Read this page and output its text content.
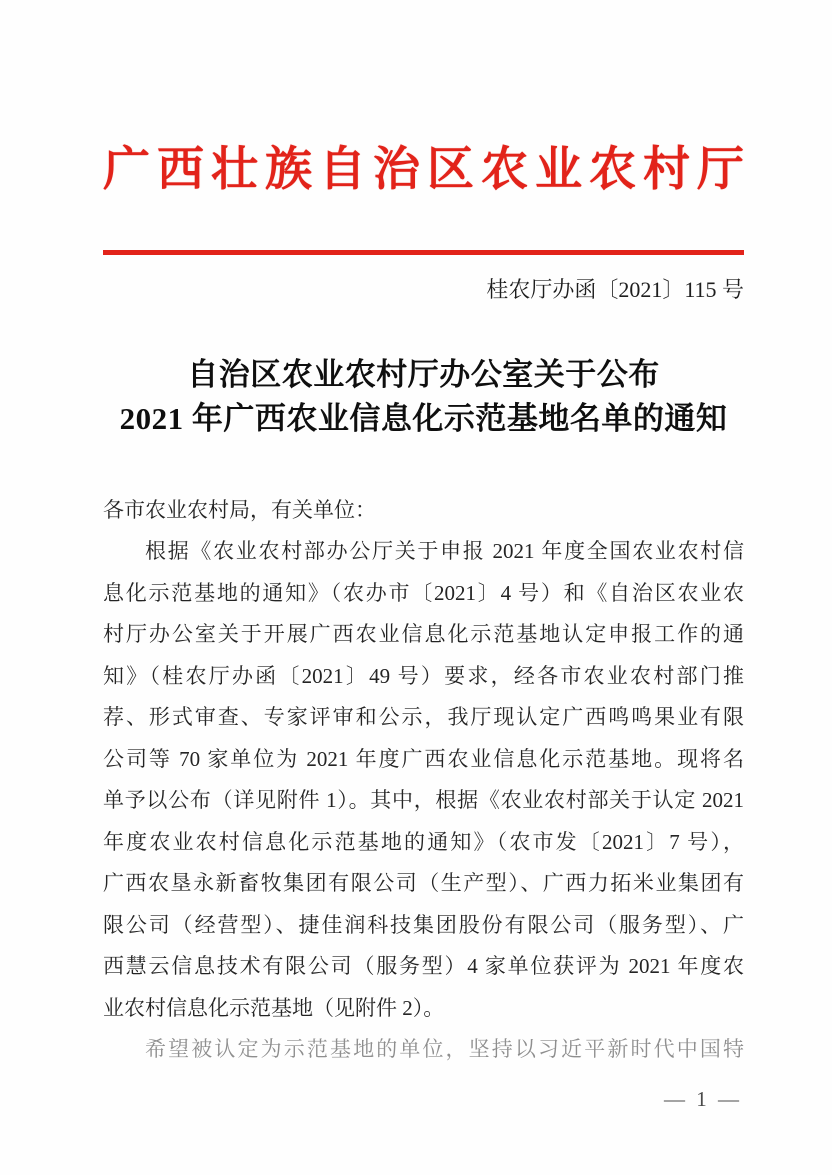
广西壮族自治区农业农村厅
桂农厅办函〔2021〕115 号
自治区农业农村厅办公室关于公布
2021 年广西农业信息化示范基地名单的通知
各市农业农村局，有关单位：
根据《农业农村部办公厅关于申报 2021 年度全国农业农村信
息化示范基地的通知》（农办市〔2021〕4 号）和《自治区农业农
村厅办公室关于开展广西农业信息化示范基地认定申报工作的通
知》（桂农厅办函〔2021〕49 号）要求，经各市农业农村部门推
荐、形式审查、专家评审和公示，我厅现认定广西鸣鸣果业有限
公司等 70 家单位为 2021 年度广西农业信息化示范基地。现将名
单予以公布（详见附件 1）。其中，根据《农业农村部关于认定 2021
年度农业农村信息化示范基地的通知》（农市发〔2021〕7 号），
广西农垦永新畜牧集团有限公司（生产型）、广西力拓米业集团有
限公司（经营型）、捷佳润科技集团股份有限公司（服务型）、广
西慧云信息技术有限公司（服务型）4 家单位获评为 2021 年度农
业农村信息化示范基地（见附件 2）。
希望被认定为示范基地的单位，坚持以习近平新时代中国特
— 1 —
